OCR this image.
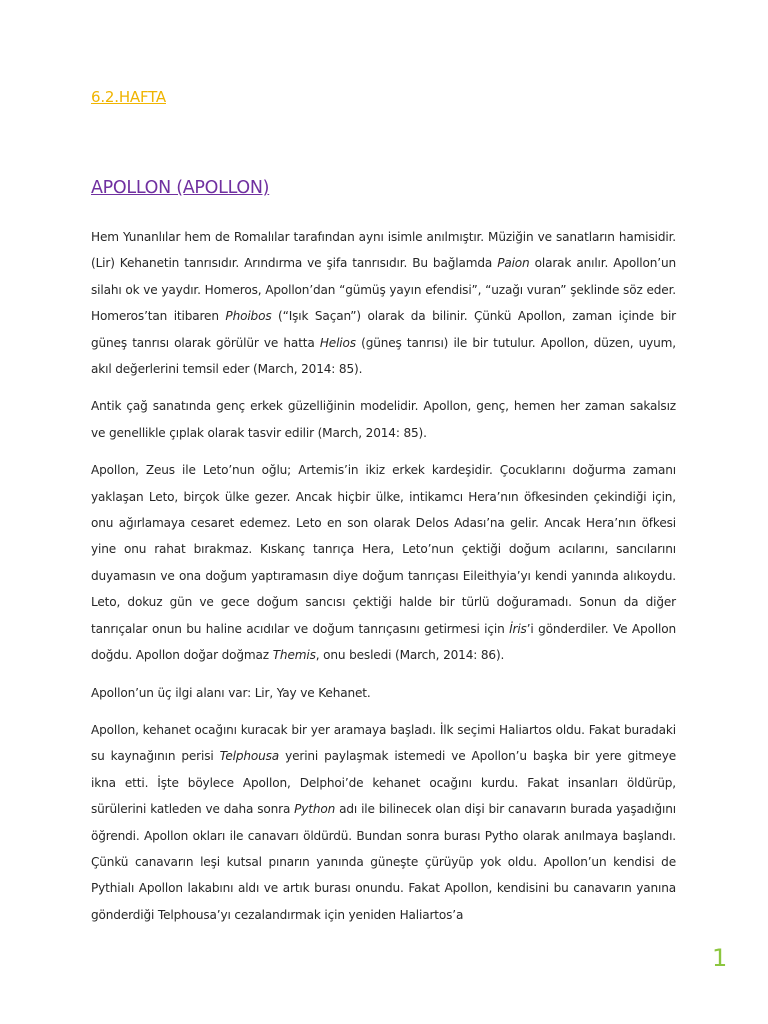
6.2.HAFTA
APOLLON (APOLLON)

Hem Yunanlılar hem de Romalılar tarafından aynı isimle anılmıştır. Müziğin ve sanatların hamisidir. (Lir) Kehanetin tanrısıdır. Arındırma ve şifa tanrısıdır. Bu bağlamda Paion olarak anılır. Apollon’un silahı ok ve yaydır. Homeros, Apollon’dan “gümüş yayın efendisi”, “uzağı vuran” şeklinde söz eder. Homeros’tan itibaren Phoibos (“Işık Saçan”) olarak da bilinir. Çünkü Apollon, zaman içinde bir güneş tanrısı olarak görülür ve hatta Helios (güneş tanrısı) ile bir tutulur. Apollon, düzen, uyum, akıl değerlerini temsil eder (March, 2014: 85).

Antik çağ sanatında genç erkek güzelliğinin modelidir. Apollon, genç, hemen her zaman sakalsız ve genellikle çıplak olarak tasvir edilir (March, 2014: 85).

Apollon, Zeus ile Leto’nun oğlu; Artemis’in ikiz erkek kardeşidir. Çocuklarını doğurma zamanı yaklaşan Leto, birçok ülke gezer. Ancak hiçbir ülke, intikamcı Hera’nın öfkesinden çekindiği için, onu ağırlamaya cesaret edemez. Leto en son olarak Delos Adası’na gelir. Ancak Hera’nın öfkesi yine onu rahat bırakmaz. Kıskanç tanrıça Hera, Leto’nun çektiği doğum acılarını, sancılarını duyamasın ve ona doğum yaptıramasın diye doğum tanrıçası Eileithyia’yı kendi yanında alıkoydu. Leto, dokuz gün ve gece doğum sancısı çektiği halde bir türlü doğuramadı. Sonun da diğer tanrıçalar onun bu haline acıdılar ve doğum tanrıçasını getirmesi için İris’i gönderdiler. Ve Apollon doğdu. Apollon doğar doğmaz Themis, onu besledi (March, 2014: 86).

Apollon’un üç ilgi alanı var: Lir, Yay ve Kehanet.

Apollon, kehanet ocağını kuracak bir yer aramaya başladı. İlk seçimi Haliartos oldu. Fakat buradaki su kaynağının perisi Telphousa yerini paylaşmak istemedi ve Apollon’u başka bir yere gitmeye ikna etti. İşte böylece Apollon, Delphoi’de kehanet ocağını kurdu. Fakat insanları öldürüp, sürülerini katleden ve daha sonra Python adı ile bilinecek olan dişi bir canavarın burada yaşadığını öğrendi. Apollon okları ile canavarı öldürdü. Bundan sonra burası Pytho olarak anılmaya başlandı. Çünkü canavarın leşi kutsal pınarın yanında güneşte çürüyüp yok oldu. Apollon’un kendisi de Pythialı Apollon lakabını aldı ve artık burası onundu. Fakat Apollon, kendisini bu canavarın yanına gönderdiği Telphousa’yı cezalandırmak için yeniden Haliartos’a

1
